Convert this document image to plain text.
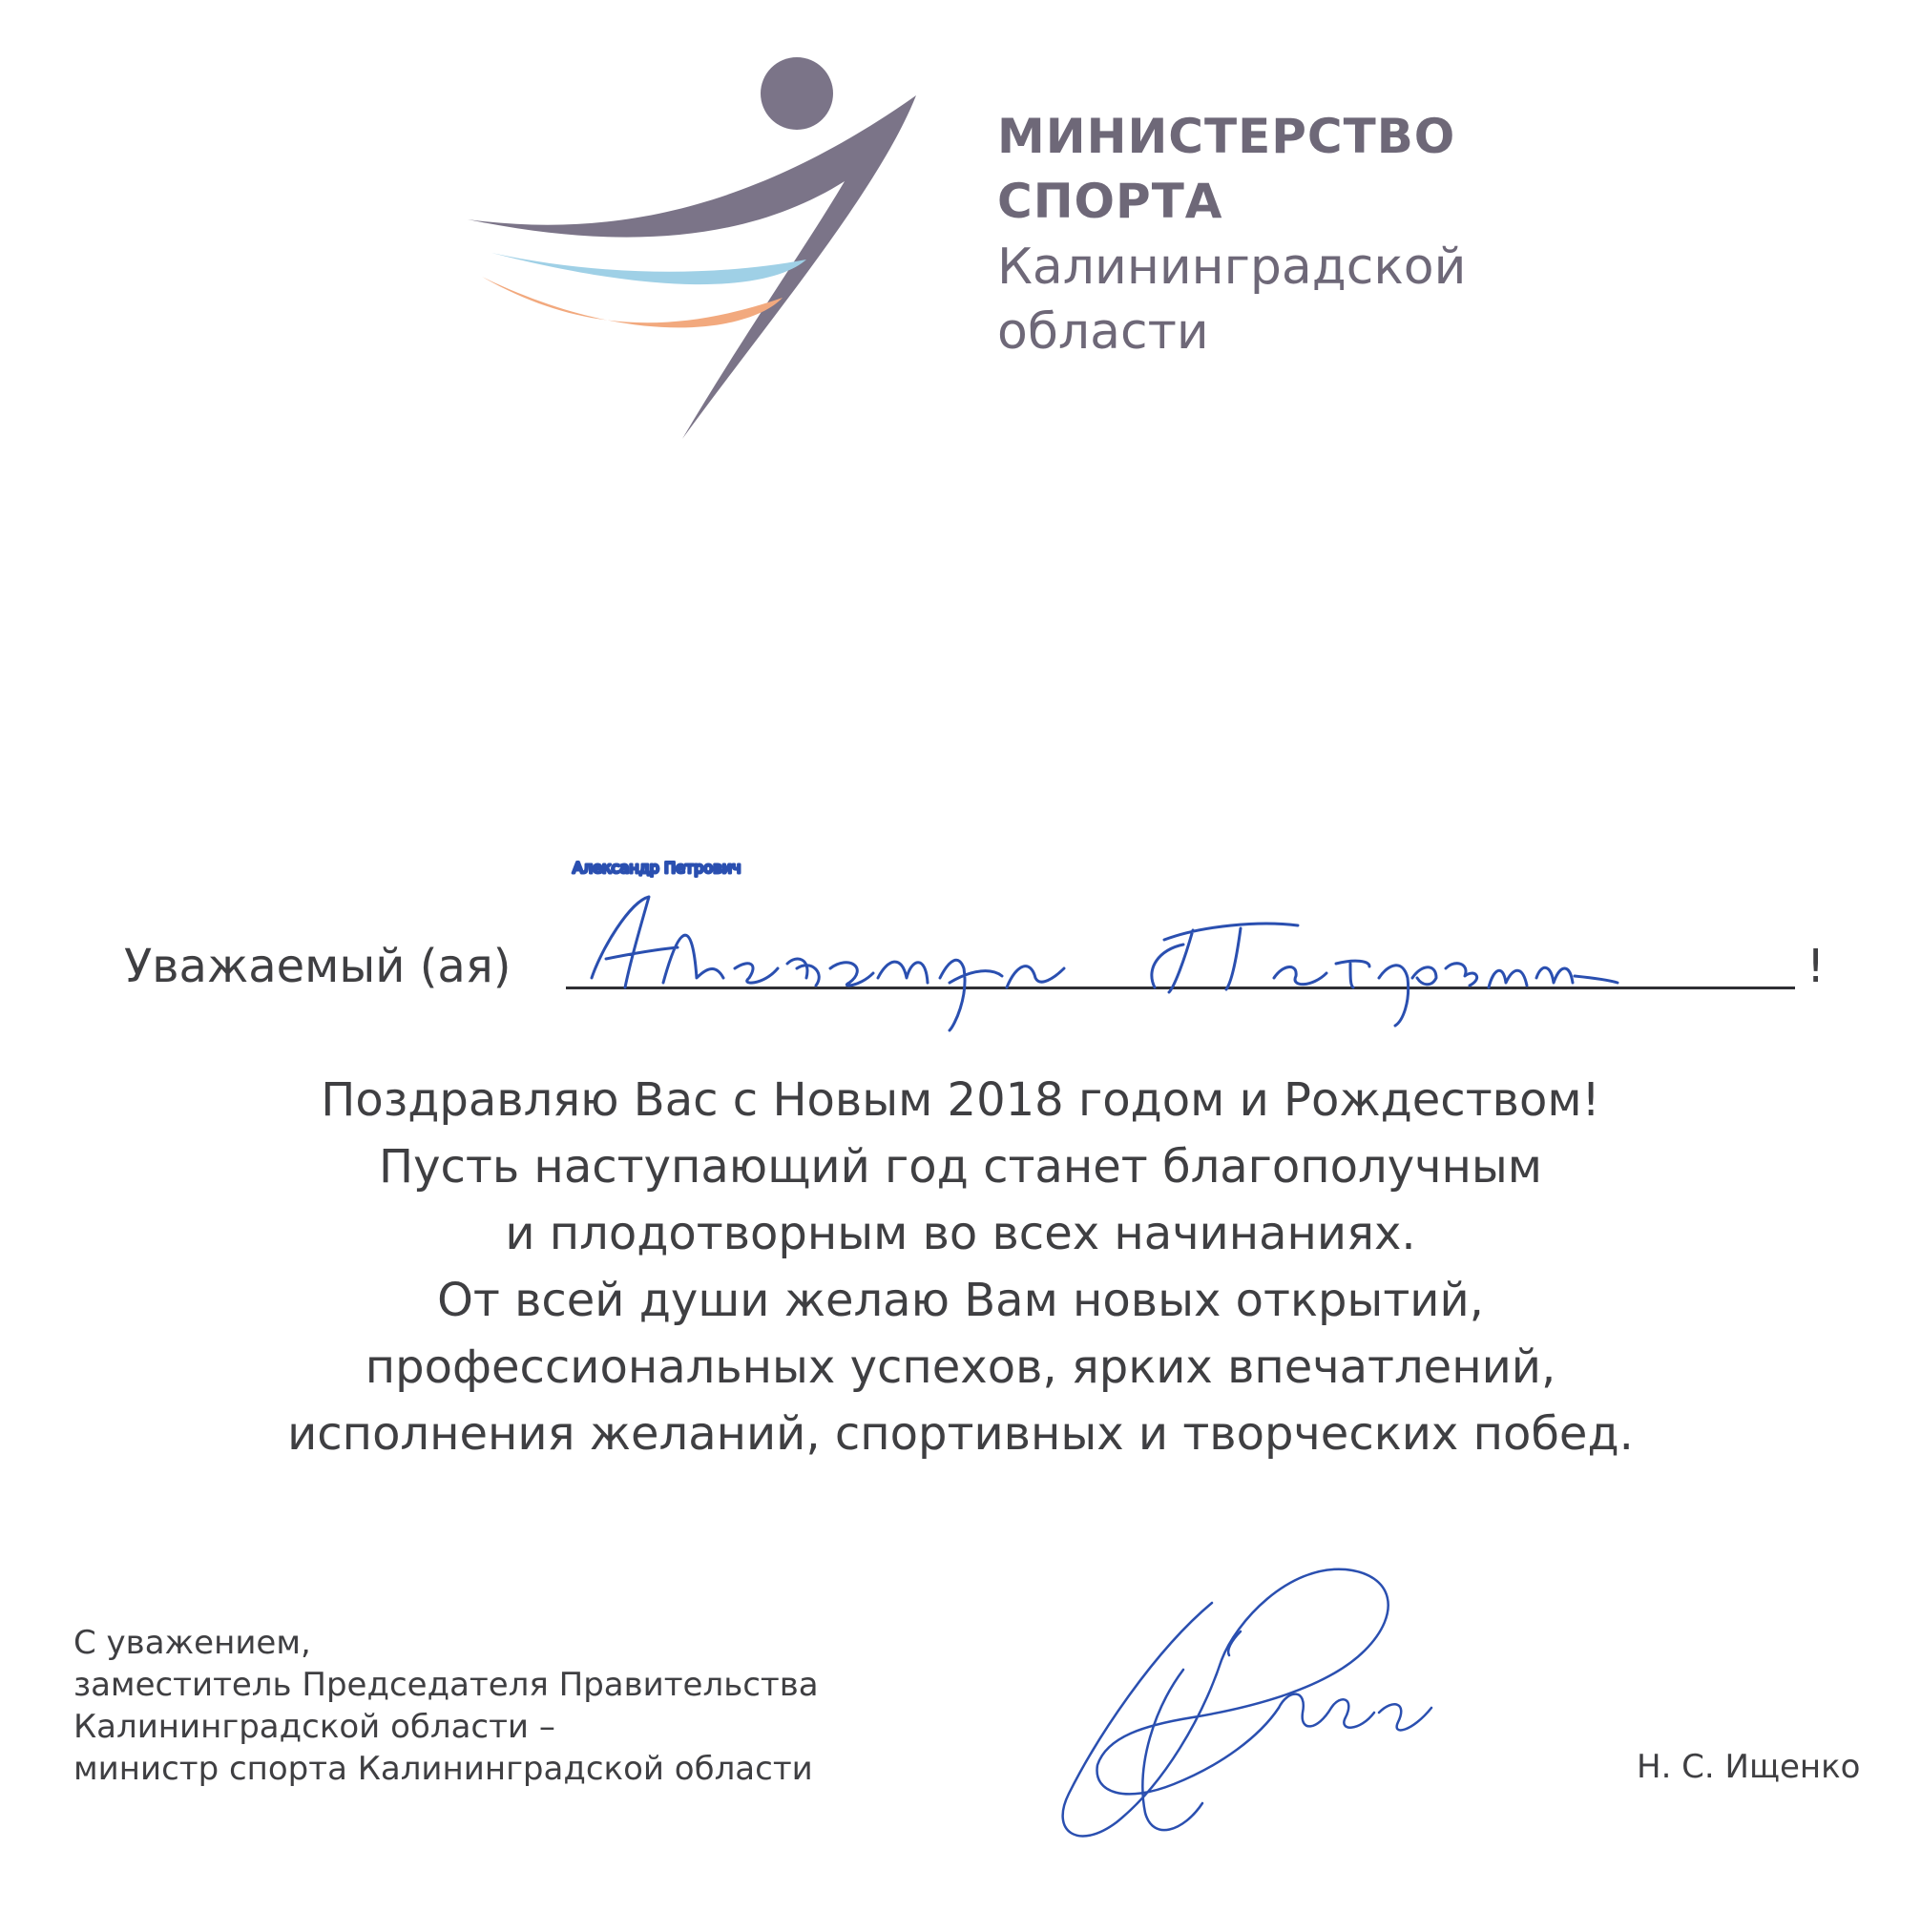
МИНИСТЕРСТВО
СПОРТА
Калининградской
области
Уважаемый (ая)	!
Александр Петрович
Поздравляю Вас с Новым 2018 годом и Рождеством!
Пусть наступающий год станет благополучным
и плодотворным во всех начинаниях.
От всей души желаю Вам новых открытий,
профессиональных успехов, ярких впечатлений,
исполнения желаний, спортивных и творческих побед.
С уважением,
заместитель Председателя Правительства
Калининградской области –
министр спорта Калининградской области	Н. С. Ищенко
